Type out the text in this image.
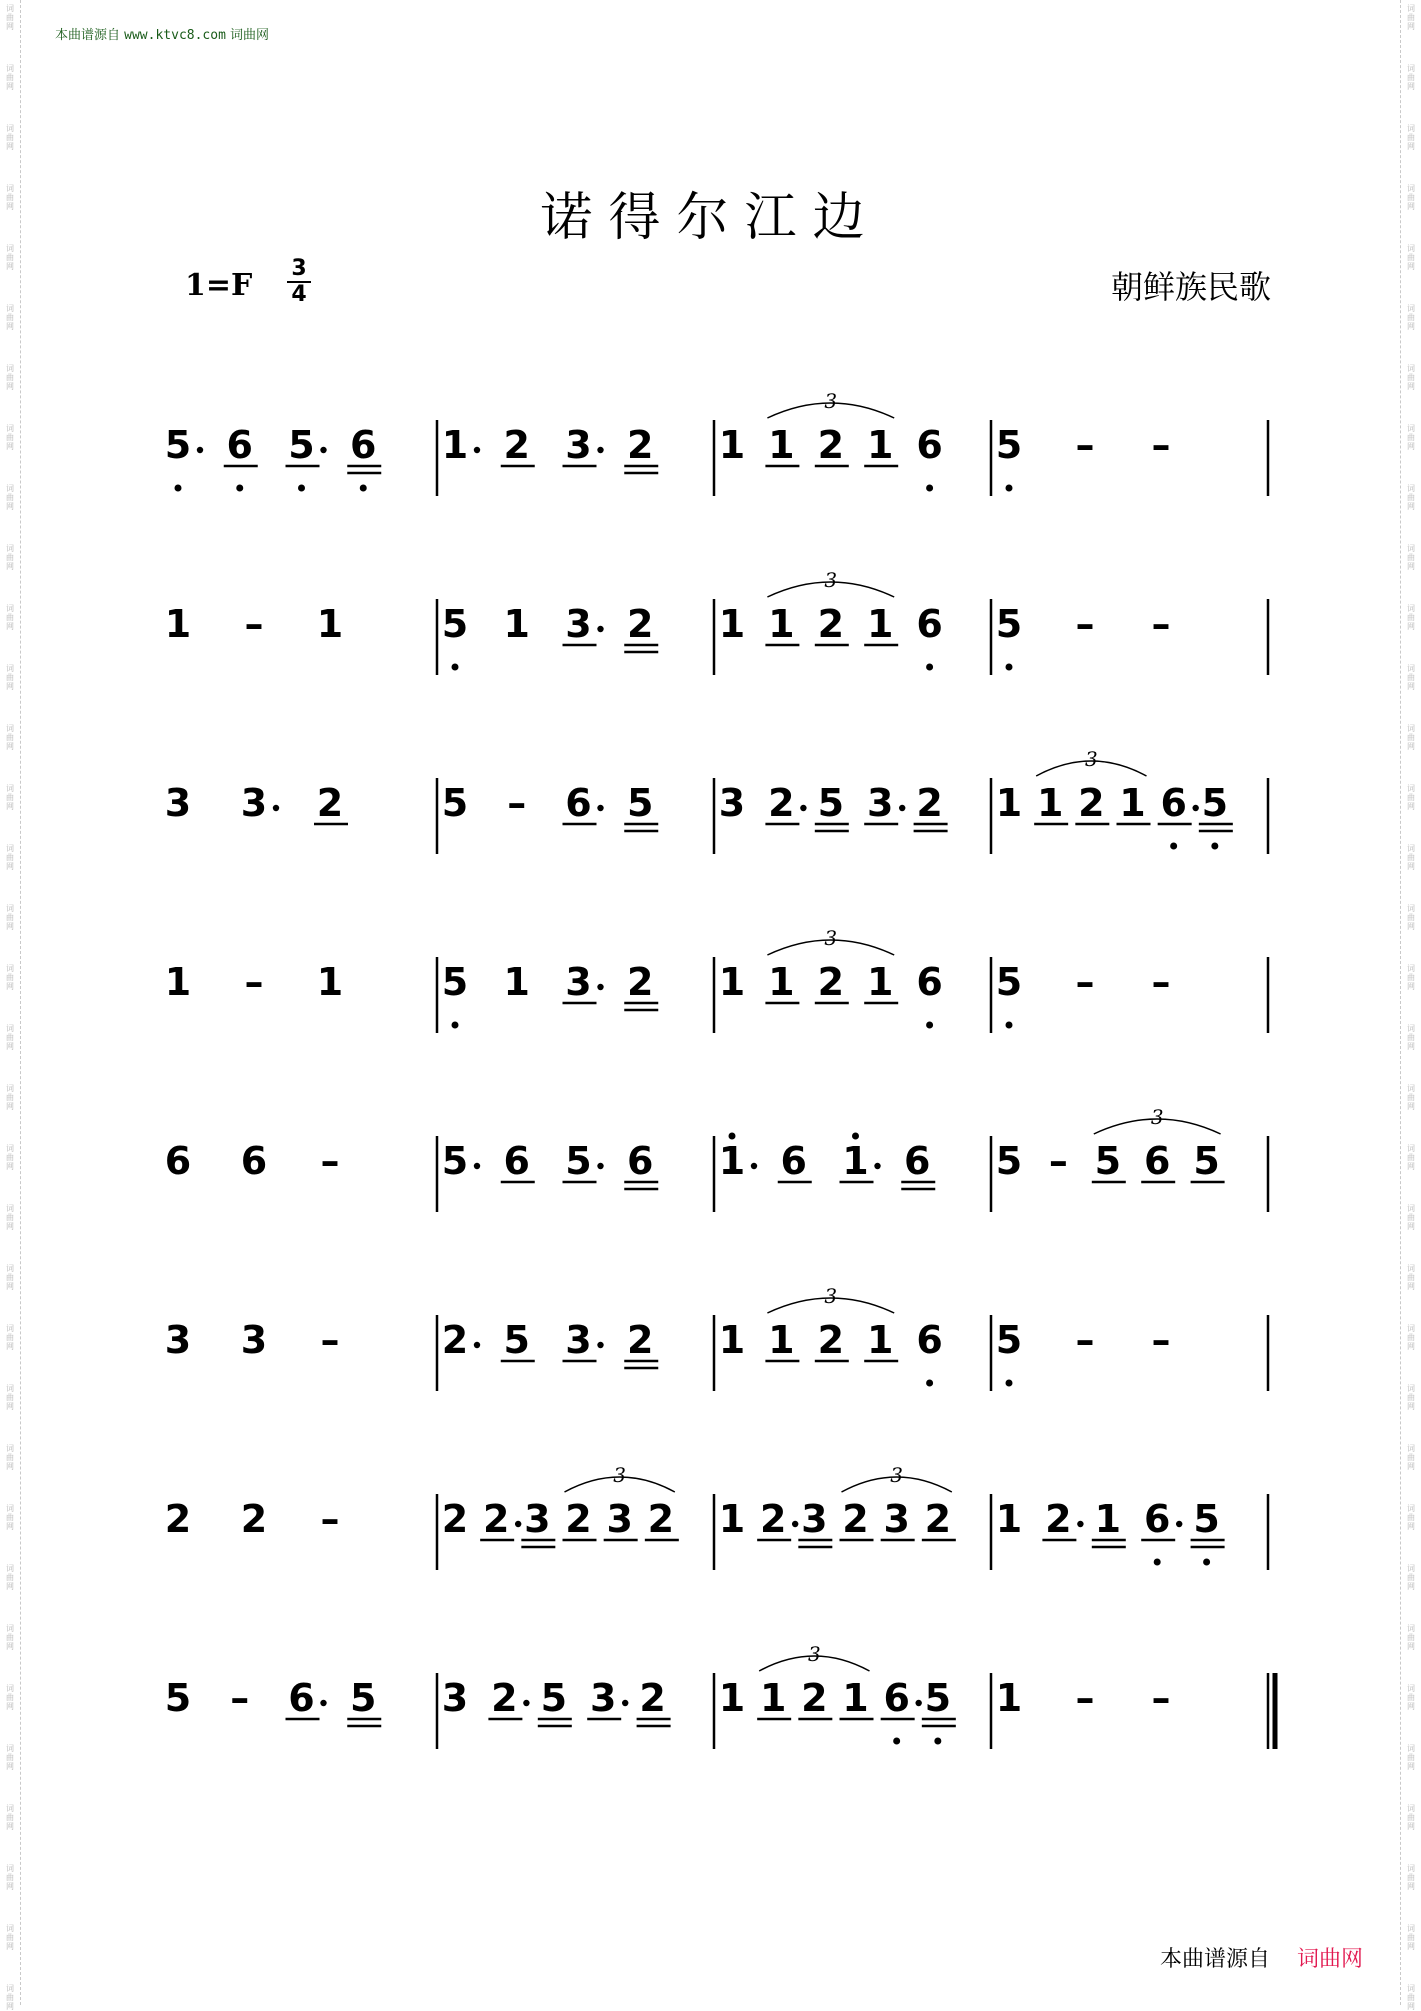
词
曲
网
词
曲
网
词
曲
网
词
曲
网
词
曲
网
词
曲
网
词
曲
网
词
曲
网
词
曲
网
词
曲
网
词
曲
网
词
曲
网
词
曲
网
词
曲
网
词
曲
网
词
曲
网
词
曲
网
词
曲
网
词
曲
网
词
曲
网
词
曲
网
词
曲
网
词
曲
网
词
曲
网
词
曲
网
词
曲
网
词
曲
网
词
曲
网
词
曲
网
词
曲
网
词
曲
网
词
曲
网
词
曲
网
词
曲
网
词
曲
网
词
曲
网
词
曲
网
词
曲
网
词
曲
网
词
曲
网
词
曲
网
词
曲
网
词
曲
网
词
曲
网
词
曲
网
词
曲
网
词
曲
网
词
曲
网
词
曲
网
词
曲
网
词
曲
网
词
曲
网
词
曲
网
词
曲
网
词
曲
网
词
曲
网
词
曲
网
词
曲
网
词
曲
网
词
曲
网
词
曲
网
词
曲
网
词
曲
网
词
曲
网
词
曲
网
词
曲
网
词
曲
网
词
曲
网
本曲谱源自 www.ktvc8.com 词曲网
诺得尔江边
1=F 3
4	朝鲜族民歌
5 6 5 6 1 2 3 2 1 1 2 1 6
3
5 – –
1 – 1	5 1 3 2 1 1 2 1 6
3
5 – –
3 3 2	5 – 6 5 3 2 5 3 2 1 1 2 1 6 5
3
1 – 1	5 1 3 2 1 1 2 1 6
3
5 – –
6 6 –	5 6 5 6 1 6 1 6 5 – 5 6 5
3
3 3 –	2 5 3 2 1 1 2 1 6
3
5 – –
2 2 –	2 2 3 2 3 2
3
1 2 3 2 3 2
3
1 2 1 6 5
5 – 6 5 3 2 5 3 2 1 1 2 1 6 5
3
1 – –
本曲谱源自 词曲网
